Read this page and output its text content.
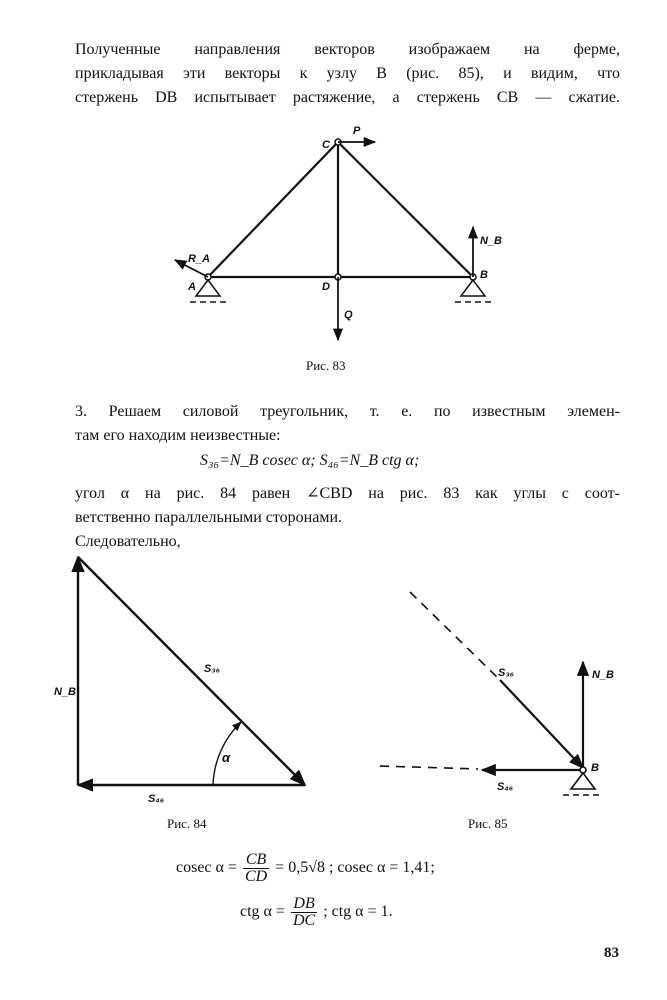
Полученные направления векторов изображаем на ферме,
прикладывая эти векторы к узлу B (рис. 85), и видим, что
стержень DB испытывает растяжение, а стержень CB — сжатие.
C
P
A
R_A
D
B
N_B
Q
Рис. 83
3. Решаем силовой треугольник, т. е. по известным элемен-
там его находим неизвестные:
S₃₆=N_B cosec α; S₄₆=N_B ctg α;
угол α на рис. 84 равен ∠CBD на рис. 83 как углы с соот-
ветственно параллельными сторонами.
Следовательно,
N_B
S₃₆
S₄₆
α
N_B
S₃₆
S₄₆
B
Рис. 84	Рис. 85
cosec $\alpha = \frac{CB}{CD} = 0,5√8$ ; cosec α = 1,41;
ctg $\alpha = \frac{DB}{DC}$ ; ctg α = 1.
83
